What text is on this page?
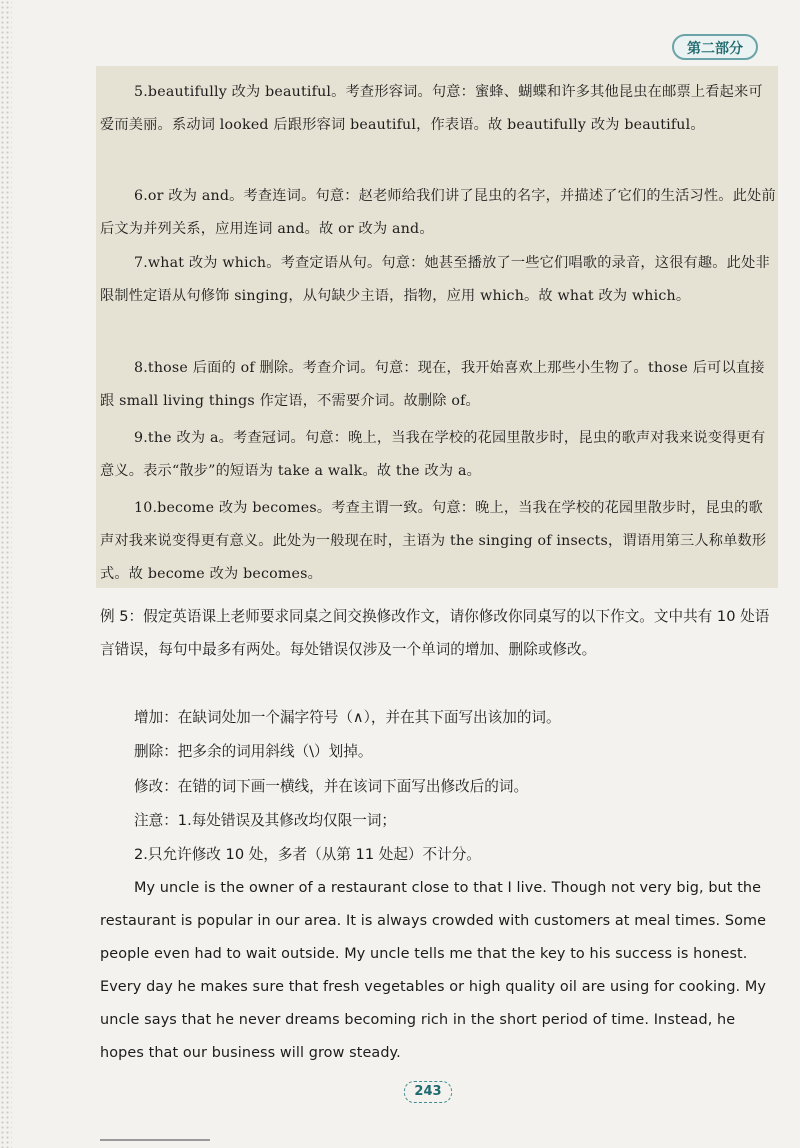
第二部分

5.beautifully 改为 beautiful。考查形容词。句意：蜜蜂、蝴蝶和许多其他昆虫在邮票上看起来可爱而美丽。系动词 looked 后跟形容词 beautiful，作表语。故 beautifully 改为 beautiful。

6.or 改为 and。考查连词。句意：赵老师给我们讲了昆虫的名字，并描述了它们的生活习性。此处前后文为并列关系，应用连词 and。故 or 改为 and。

7.what 改为 which。考查定语从句。句意：她甚至播放了一些它们唱歌的录音，这很有趣。此处非限制性定语从句修饰 singing，从句缺少主语，指物，应用 which。故 what 改为 which。

8.those 后面的 of 删除。考查介词。句意：现在，我开始喜欢上那些小生物了。those 后可以直接跟 small living things 作定语，不需要介词。故删除 of。

9.the 改为 a。考查冠词。句意：晚上，当我在学校的花园里散步时，昆虫的歌声对我来说变得更有意义。表示“散步”的短语为 take a walk。故 the 改为 a。

10.become 改为 becomes。考查主谓一致。句意：晚上，当我在学校的花园里散步时，昆虫的歌声对我来说变得更有意义。此处为一般现在时，主语为 the singing of insects，谓语用第三人称单数形式。故 become 改为 becomes。

例 5：假定英语课上老师要求同桌之间交换修改作文，请你修改你同桌写的以下作文。文中共有 10 处语言错误，每句中最多有两处。每处错误仅涉及一个单词的增加、删除或修改。

增加：在缺词处加一个漏字符号（∧），并在其下面写出该加的词。

删除：把多余的词用斜线（\）划掉。

修改：在错的词下画一横线，并在该词下面写出修改后的词。

注意：1.每处错误及其修改均仅限一词；

2.只允许修改 10 处，多者（从第 11 处起）不计分。

My uncle is the owner of a restaurant close to that I live. Though not very big, but the restaurant is popular in our area. It is always crowded with customers at meal times. Some people even had to wait outside. My uncle tells me that the key to his success is honest. Every day he makes sure that fresh vegetables or high quality oil are using for cooking. My uncle says that he never dreams becoming rich in the short period of time. Instead, he hopes that our business will grow steady.

243
